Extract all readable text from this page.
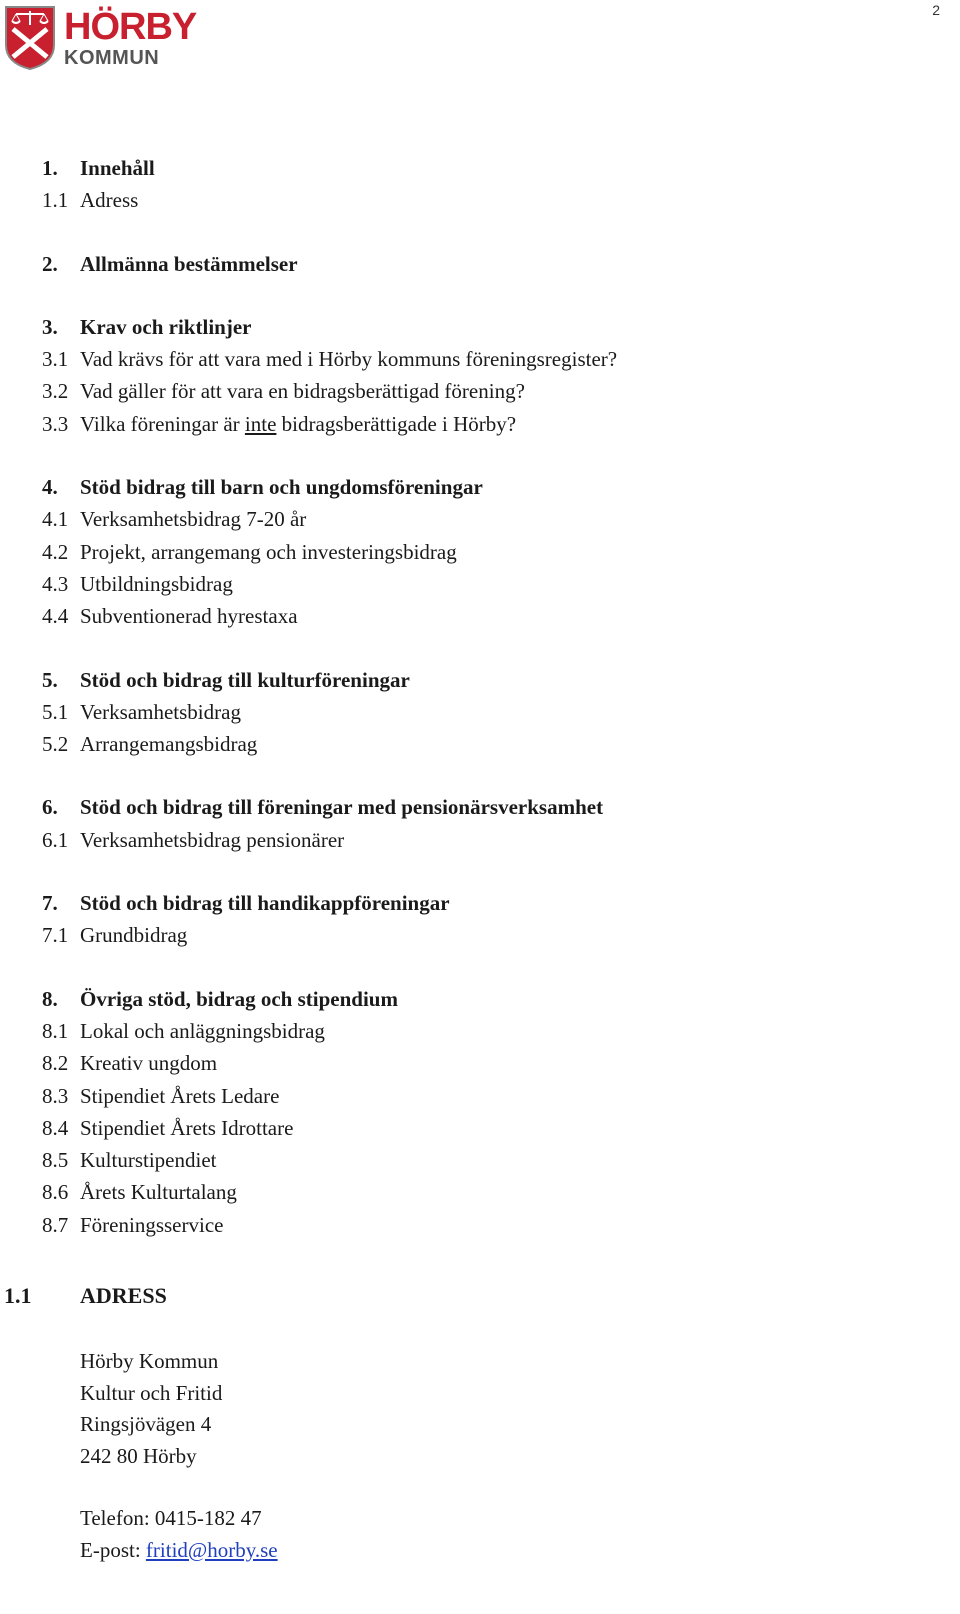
2
HÖRBY
KOMMUN
1. Innehåll
1.1 Adress
2. Allmänna bestämmelser
3. Krav och riktlinjer
3.1 Vad krävs för att vara med i Hörby kommuns föreningsregister?
3.2 Vad gäller för att vara en bidragsberättigad förening?
3.3 Vilka föreningar är inte bidragsberättigade i Hörby?
4. Stöd bidrag till barn och ungdomsföreningar
4.1 Verksamhetsbidrag 7-20 år
4.2 Projekt, arrangemang och investeringsbidrag
4.3 Utbildningsbidrag
4.4 Subventionerad hyrestaxa
5. Stöd och bidrag till kulturföreningar
5.1 Verksamhetsbidrag
5.2 Arrangemangsbidrag
6. Stöd och bidrag till föreningar med pensionärsverksamhet
6.1 Verksamhetsbidrag pensionärer
7. Stöd och bidrag till handikappföreningar
7.1 Grundbidrag
8. Övriga stöd, bidrag och stipendium
8.1 Lokal och anläggningsbidrag
8.2 Kreativ ungdom
8.3 Stipendiet Årets Ledare
8.4 Stipendiet Årets Idrottare
8.5 Kulturstipendiet
8.6 Årets Kulturtalang
8.7 Föreningsservice
1.1 ADRESS
Hörby Kommun
Kultur och Fritid
Ringsjövägen 4
242 80 Hörby
Telefon: 0415-182 47
E-post: fritid@horby.se
